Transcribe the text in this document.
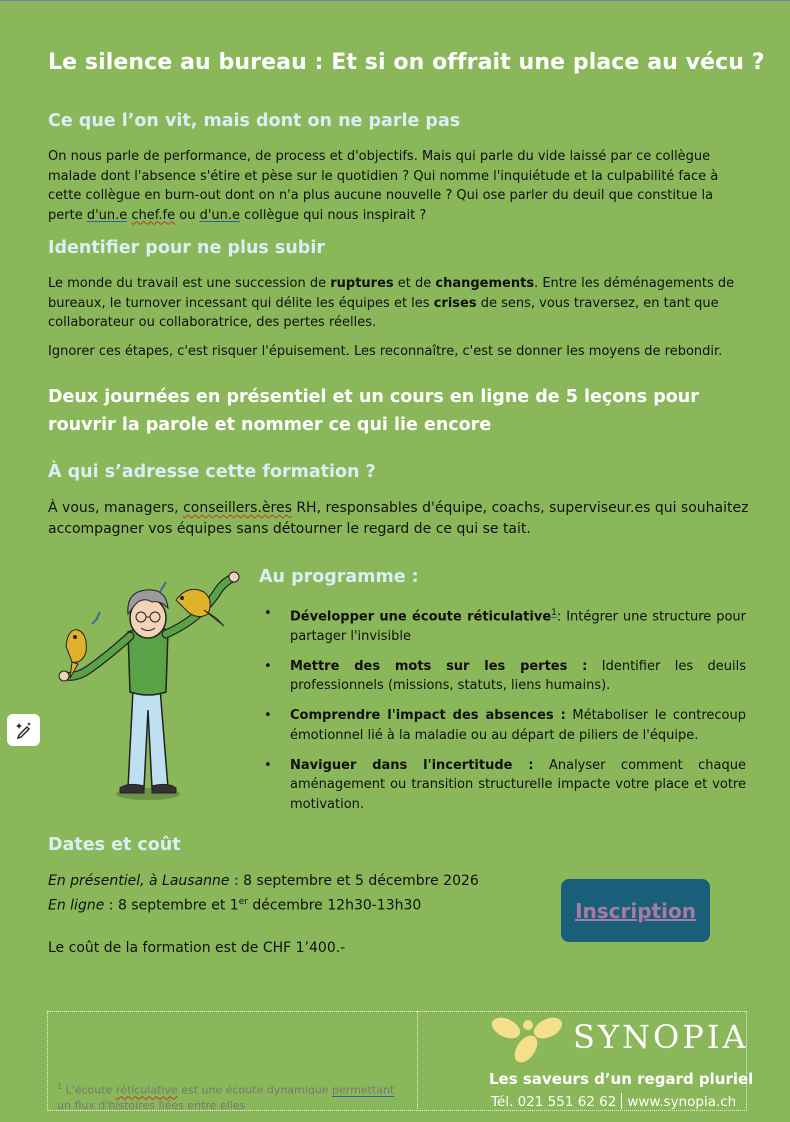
Le silence au bureau : Et si on offrait une place au vécu ?
Ce que l’on vit, mais dont on ne parle pas

On nous parle de performance, de process et d'objectifs. Mais qui parle du vide laissé par ce collègue malade dont l'absence s'étire et pèse sur le quotidien ? Qui nomme l'inquiétude et la culpabilité face à cette collègue en burn-out dont on n'a plus aucune nouvelle ? Qui ose parler du deuil que constitue la perte d'un.e chef.fe ou d'un.e collègue qui nous inspirait ?

Identifier pour ne plus subir

Le monde du travail est une succession de ruptures et de changements. Entre les déménagements de bureaux, le turnover incessant qui délite les équipes et les crises de sens, vous traversez, en tant que collaborateur ou collaboratrice, des pertes réelles.

Ignorer ces étapes, c'est risquer l'épuisement. Les reconnaître, c'est se donner les moyens de rebondir.

Deux journées en présentiel et un cours en ligne de 5 leçons pour rouvrir la parole et nommer ce qui lie encore

À qui s’adresse cette formation ?

À vous, managers, conseillers.ères RH, responsables d'équipe, coachs, superviseur.es qui souhaitez accompagner vos équipes sans détourner le regard de ce qui se tait.

Au programme :
• Développer une écoute réticulative$^1$: Intégrer une structure pour partager l'invisible
• Mettre des mots sur les pertes : Identifier les deuils professionnels (missions, statuts, liens humains).
• Comprendre l'impact des absences : Métaboliser le contrecoup émotionnel lié à la maladie ou au départ de piliers de l'équipe.
• Naviguer dans l'incertitude : Analyser comment chaque aménagement ou transition structurelle impacte votre place et votre motivation.
Dates et coût
En présentiel, à Lausanne : 8 septembre et 5 décembre 2026
En ligne : 8 septembre et 1er décembre 12h30-13h30
Le coût de la formation est de CHF 1’400.-
Inscription
$^1$ L'écoute réticulative est une écoute dynamique permettant un flux d'histoires liées entre elles
SYNOPIA
Les saveurs d’un regard pluriel
Tél. 021 551 62 62 www.synopia.ch
